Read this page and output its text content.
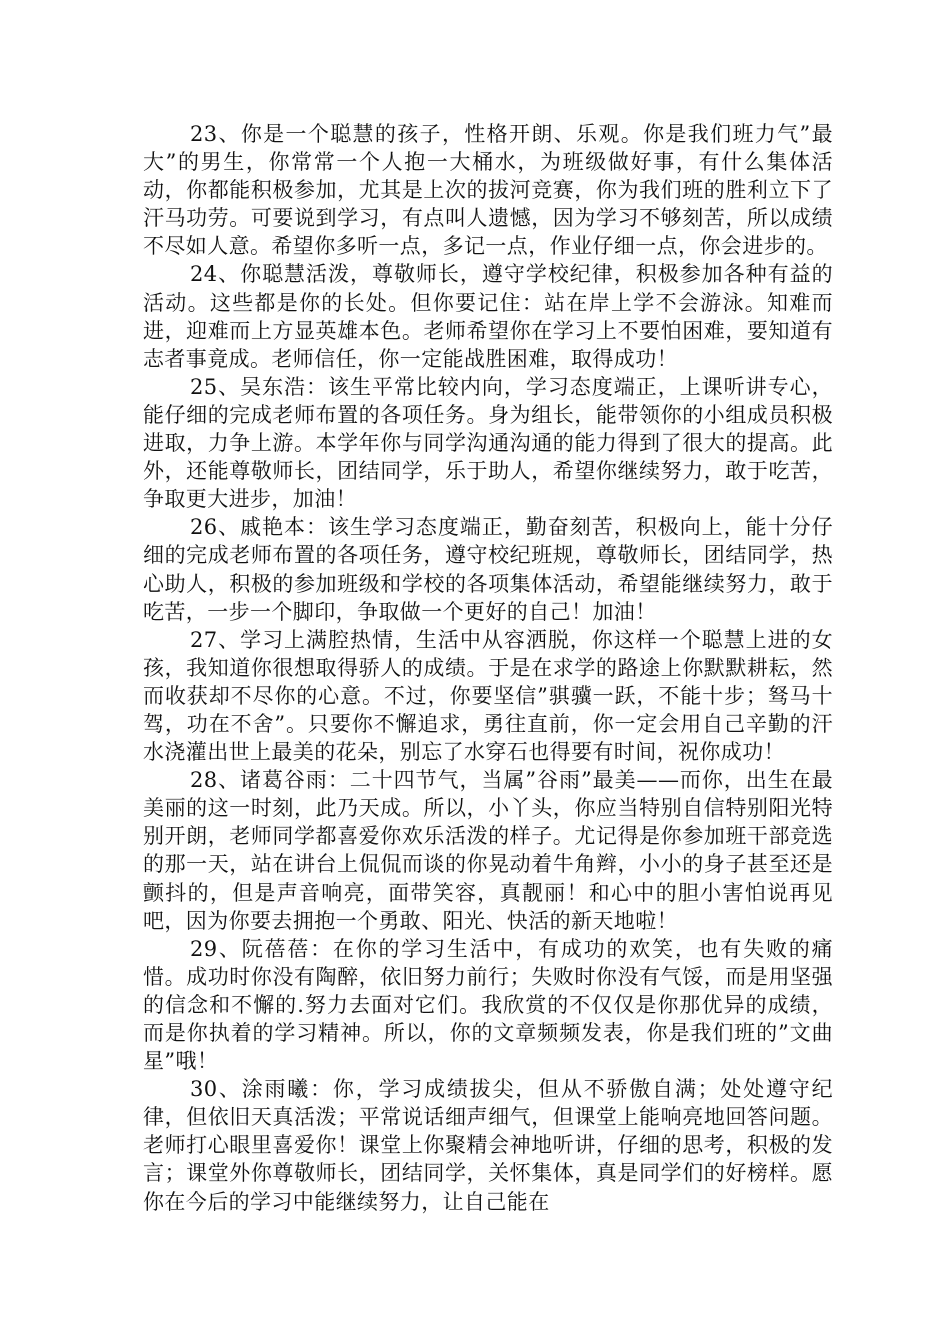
23、你是一个聪慧的孩子，性格开朗、乐观。你是我们班力气”最大”的男生，你常常一个人抱一大桶水，为班级做好事，有什么集体活动，你都能积极参加，尤其是上次的拔河竞赛，你为我们班的胜利立下了汗马功劳。可要说到学习，有点叫人遗憾，因为学习不够刻苦，所以成绩不尽如人意。希望你多听一点，多记一点，作业仔细一点，你会进步的。

24、你聪慧活泼，尊敬师长，遵守学校纪律，积极参加各种有益的活动。这些都是你的长处。但你要记住：站在岸上学不会游泳。知难而进，迎难而上方显英雄本色。老师希望你在学习上不要怕困难，要知道有志者事竟成。老师信任，你一定能战胜困难，取得成功！

25、吴东浩：该生平常比较内向，学习态度端正，上课听讲专心，能仔细的完成老师布置的各项任务。身为组长，能带领你的小组成员积极进取，力争上游。本学年你与同学沟通沟通的能力得到了很大的提高。此外，还能尊敬师长，团结同学，乐于助人，希望你继续努力，敢于吃苦，争取更大进步，加油！

26、戚艳本：该生学习态度端正，勤奋刻苦，积极向上，能十分仔细的完成老师布置的各项任务，遵守校纪班规，尊敬师长，团结同学，热心助人，积极的参加班级和学校的各项集体活动，希望能继续努力，敢于吃苦，一步一个脚印，争取做一个更好的自己！加油！

27、学习上满腔热情，生活中从容洒脱，你这样一个聪慧上进的女孩，我知道你很想取得骄人的成绩。于是在求学的路途上你默默耕耘，然而收获却不尽你的心意。不过，你要坚信”骐骥一跃，不能十步；驽马十驾，功在不舍”。只要你不懈追求，勇往直前，你一定会用自己辛勤的汗水浇灌出世上最美的花朵，别忘了水穿石也得要有时间，祝你成功！

28、诸葛谷雨：二十四节气，当属”谷雨”最美——而你，出生在最美丽的这一时刻，此乃天成。所以，小丫头，你应当特别自信特别阳光特别开朗，老师同学都喜爱你欢乐活泼的样子。尤记得是你参加班干部竞选的那一天，站在讲台上侃侃而谈的你晃动着牛角辫，小小的身子甚至还是颤抖的，但是声音响亮，面带笑容，真靓丽！和心中的胆小害怕说再见吧，因为你要去拥抱一个勇敢、阳光、快活的新天地啦！

29、阮蓓蓓：在你的学习生活中，有成功的欢笑，也有失败的痛惜。成功时你没有陶醉，依旧努力前行；失败时你没有气馁，而是用坚强的信念和不懈的.努力去面对它们。我欣赏的不仅仅是你那优异的成绩，而是你执着的学习精神。所以，你的文章频频发表，你是我们班的”文曲星”哦！

30、涂雨曦：你，学习成绩拔尖，但从不骄傲自满；处处遵守纪律，但依旧天真活泼；平常说话细声细气，但课堂上能响亮地回答问题。老师打心眼里喜爱你！课堂上你聚精会神地听讲，仔细的思考，积极的发言；课堂外你尊敬师长，团结同学，关怀集体，真是同学们的好榜样。愿你在今后的学习中能继续努力，让自己能在
